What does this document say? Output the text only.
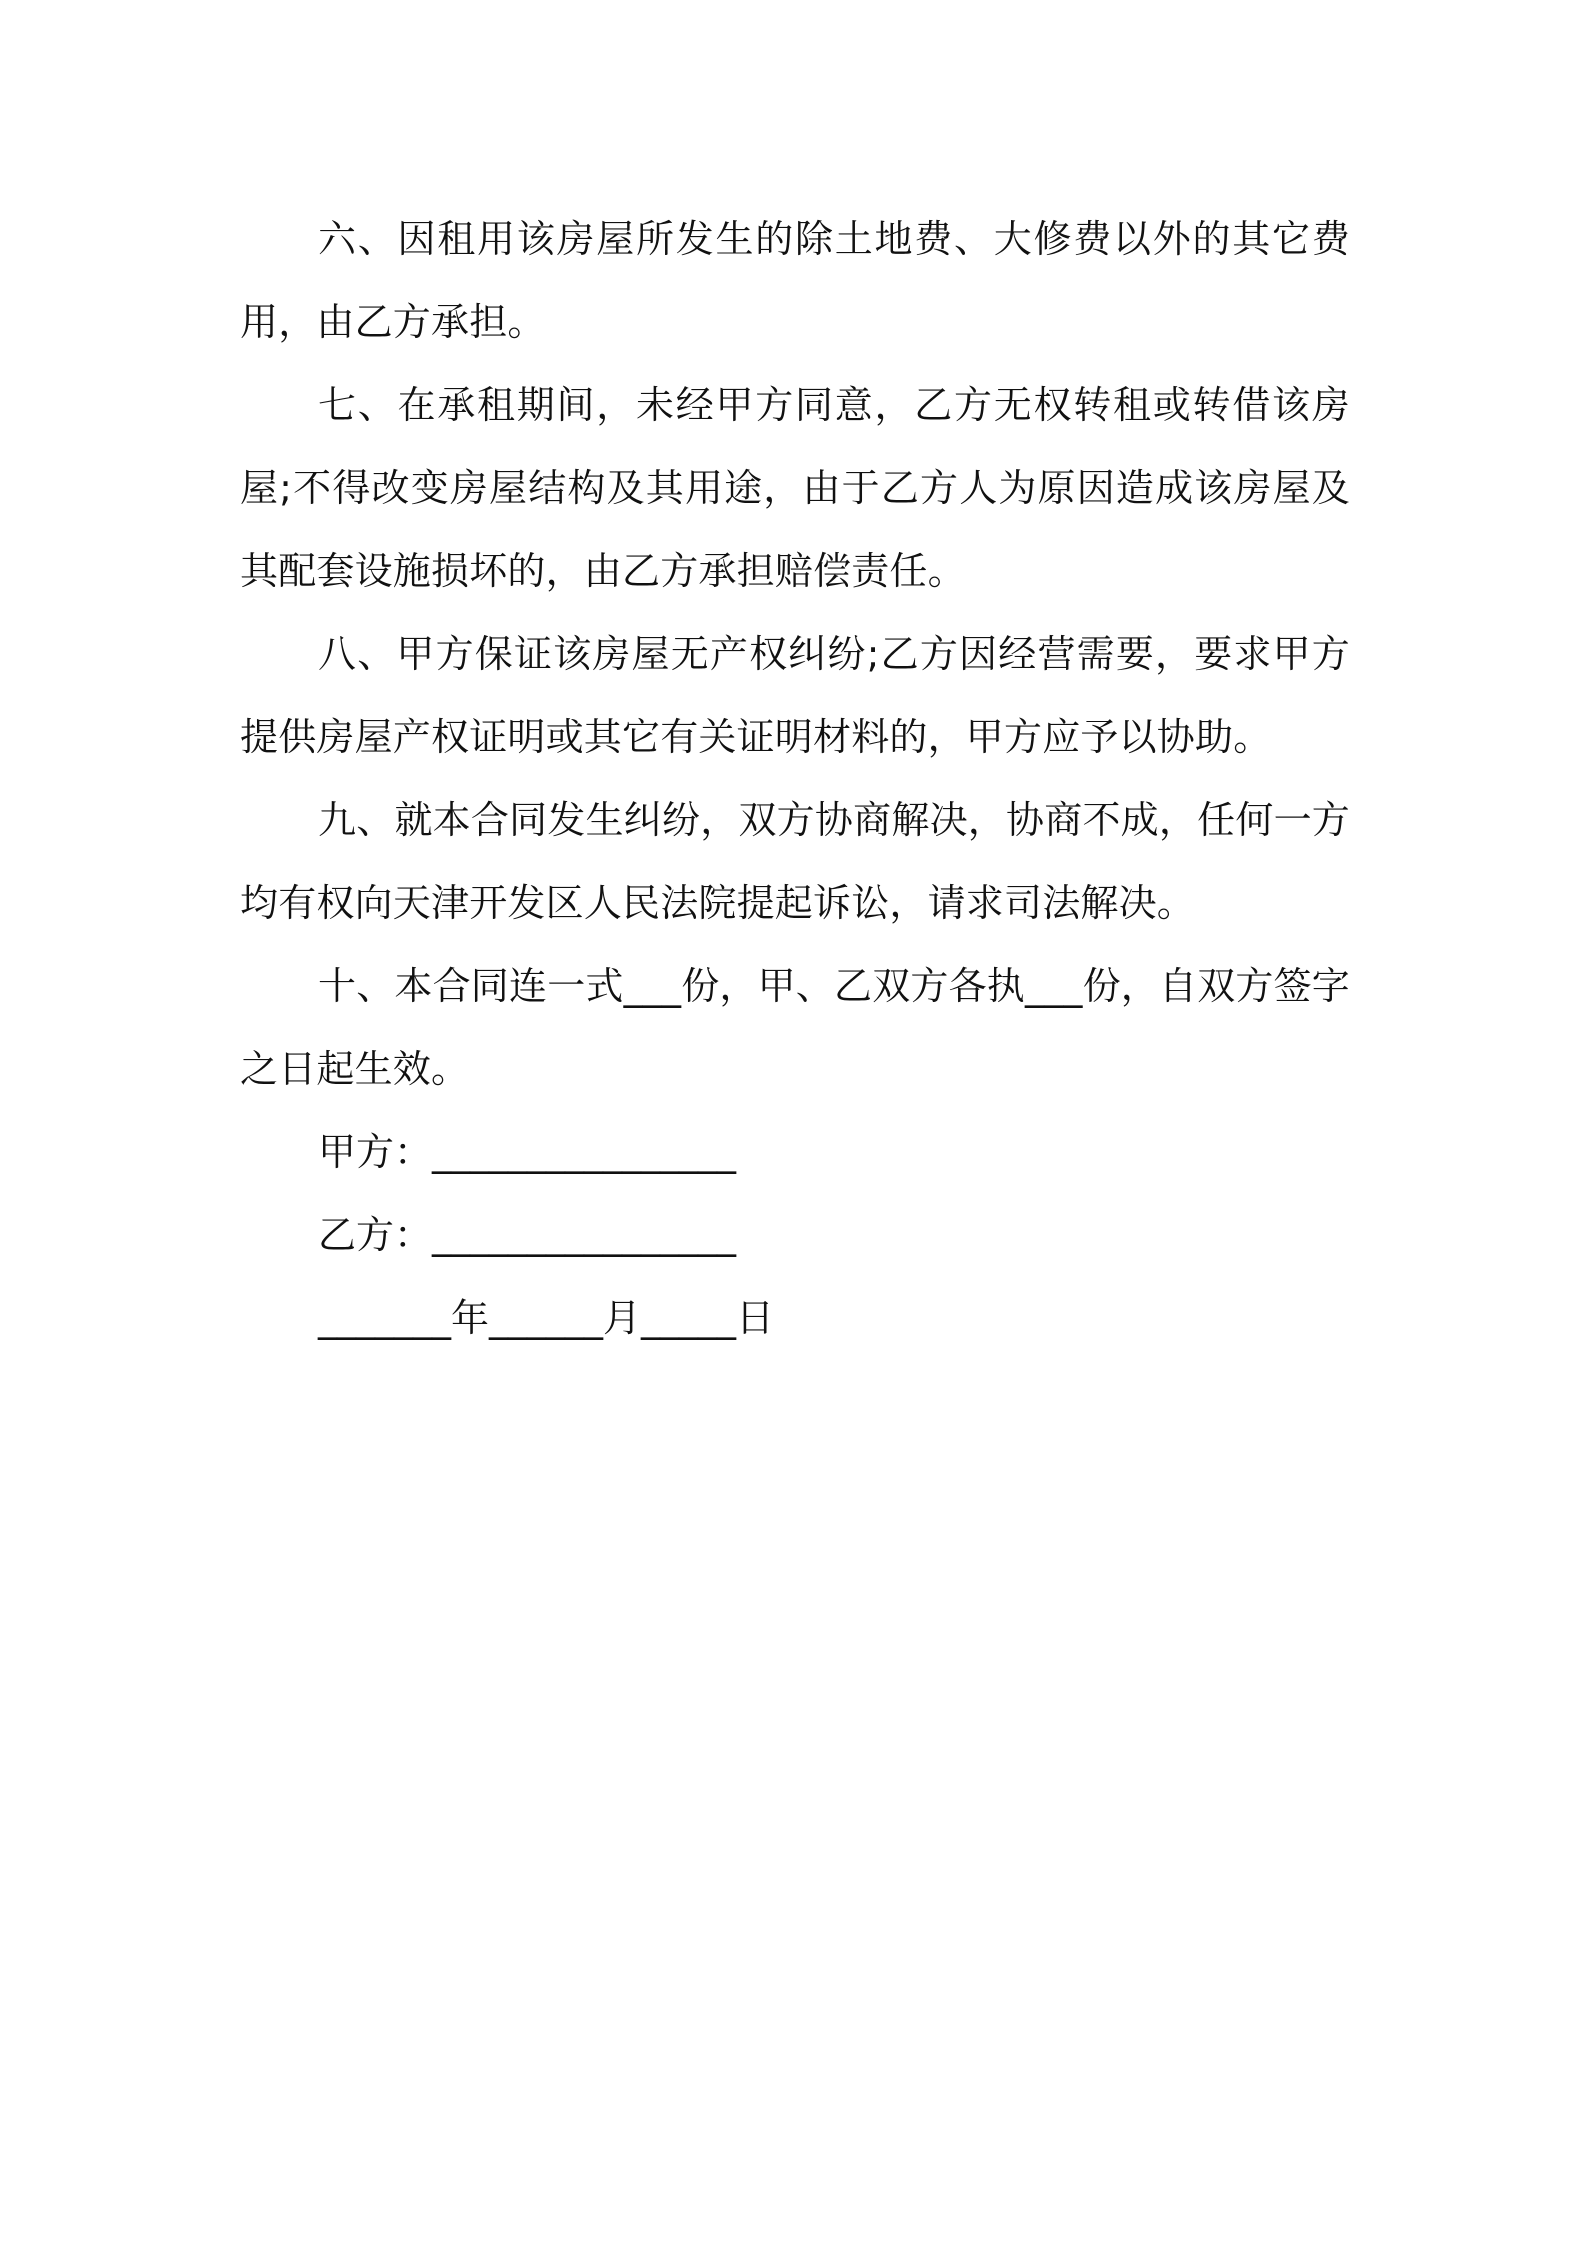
六、因租用该房屋所发生的除土地费、大修费以外的其它费用，由乙方承担。

七、在承租期间，未经甲方同意，乙方无权转租或转借该房屋;不得改变房屋结构及其用途，由于乙方人为原因造成该房屋及其配套设施损坏的，由乙方承担赔偿责任。

八、甲方保证该房屋无产权纠纷;乙方因经营需要，要求甲方提供房屋产权证明或其它有关证明材料的，甲方应予以协助。

九、就本合同发生纠纷，双方协商解决，协商不成，任何一方均有权向天津开发区人民法院提起诉讼，请求司法解决。

十、本合同连一式___份，甲、乙双方各执___份，自双方签字之日起生效。

甲方：________________

乙方：________________

_______年______月_____日
